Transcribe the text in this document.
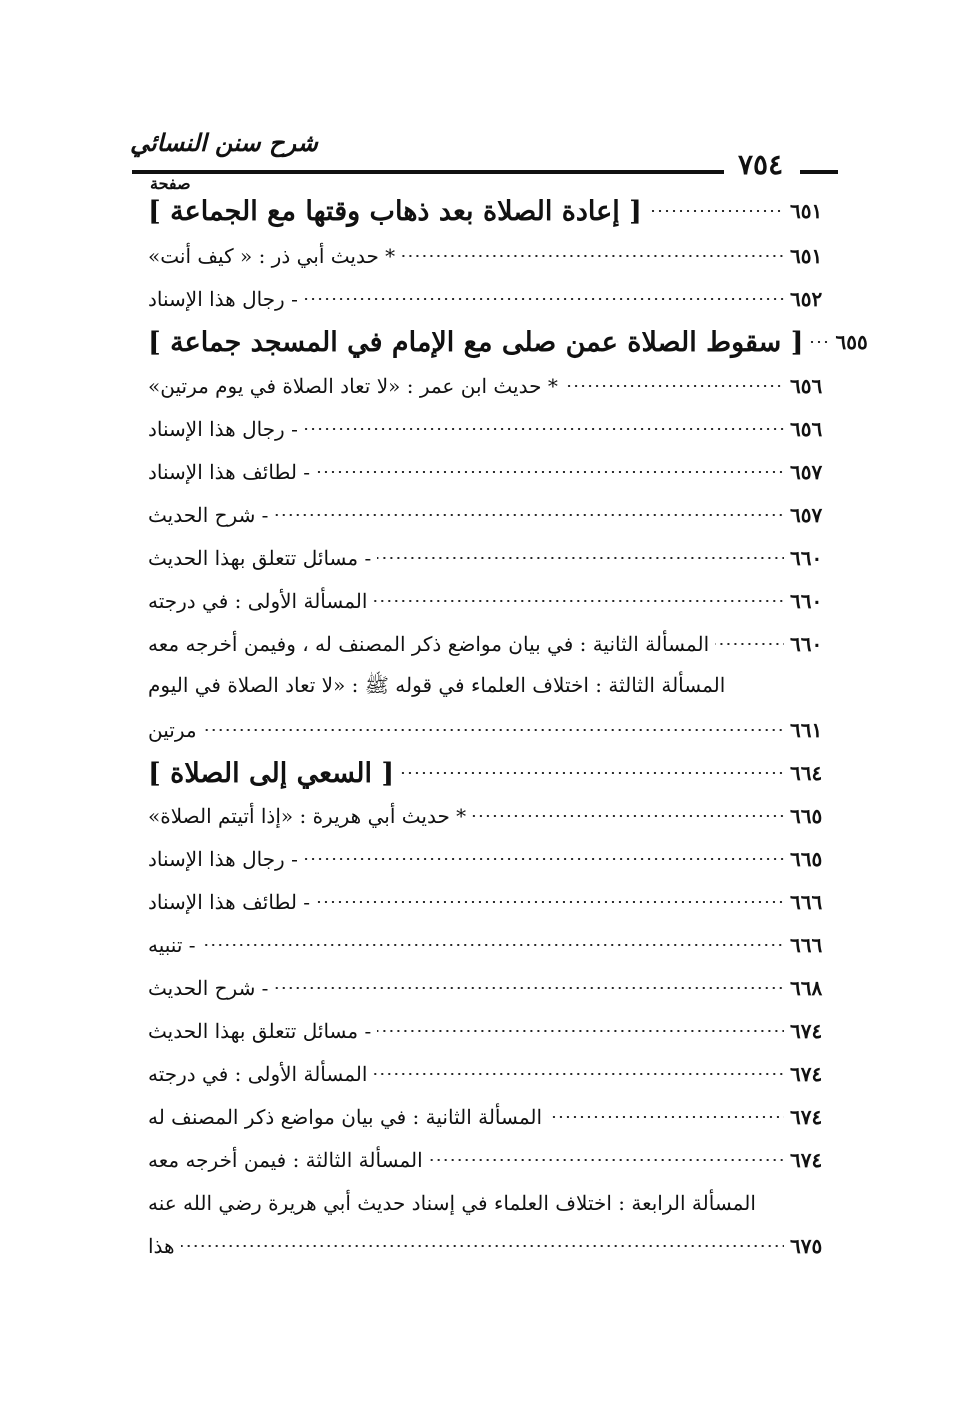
شرح سنن النسائي
٧٥٤
صفحة
[ إعادة الصلاة بعد ذهاب وقتها مع الجماعة ]	٦٥١
* حديث أبي ذر : « كيف أنت»	٦٥١
- رجال هذا الإسناد	٦٥٢
[ سقوط الصلاة عمن صلى مع الإمام في المسجد جماعة ] ٦٥٥
* حديث ابن عمر : «لا تعاد الصلاة في يوم مرتين»	٦٥٦
- رجال هذا الإسناد	٦٥٦
- لطائف هذا الإسناد	٦٥٧
- شرح الحديث	٦٥٧
- مسائل تتعلق بهذا الحديث	٦٦٠
المسألة الأولى : في درجته	٦٦٠
المسألة الثانية : في بيان مواضع ذكر المصنف له ، وفيمن أخرجه معه	٦٦٠
المسألة الثالثة : اختلاف العلماء في قوله ﷺ : «لا تعاد الصلاة في اليوم
مرتين	٦٦١
[ السعي إلى الصلاة ]	٦٦٤
* حديث أبي هريرة : «إذا أتيتم الصلاة»	٦٦٥
- رجال هذا الإسناد	٦٦٥
- لطائف هذا الإسناد	٦٦٦
- تنبيه	٦٦٦
- شرح الحديث	٦٦٨
- مسائل تتعلق بهذا الحديث	٦٧٤
المسألة الأولى : في درجته	٦٧٤
المسألة الثانية : في بيان مواضع ذكر المصنف له	٦٧٤
المسألة الثالثة : فيمن أخرجه معه	٦٧٤
المسألة الرابعة : اختلاف العلماء في إسناد حديث أبي هريرة رضي الله عنه
هذا	٦٧٥
